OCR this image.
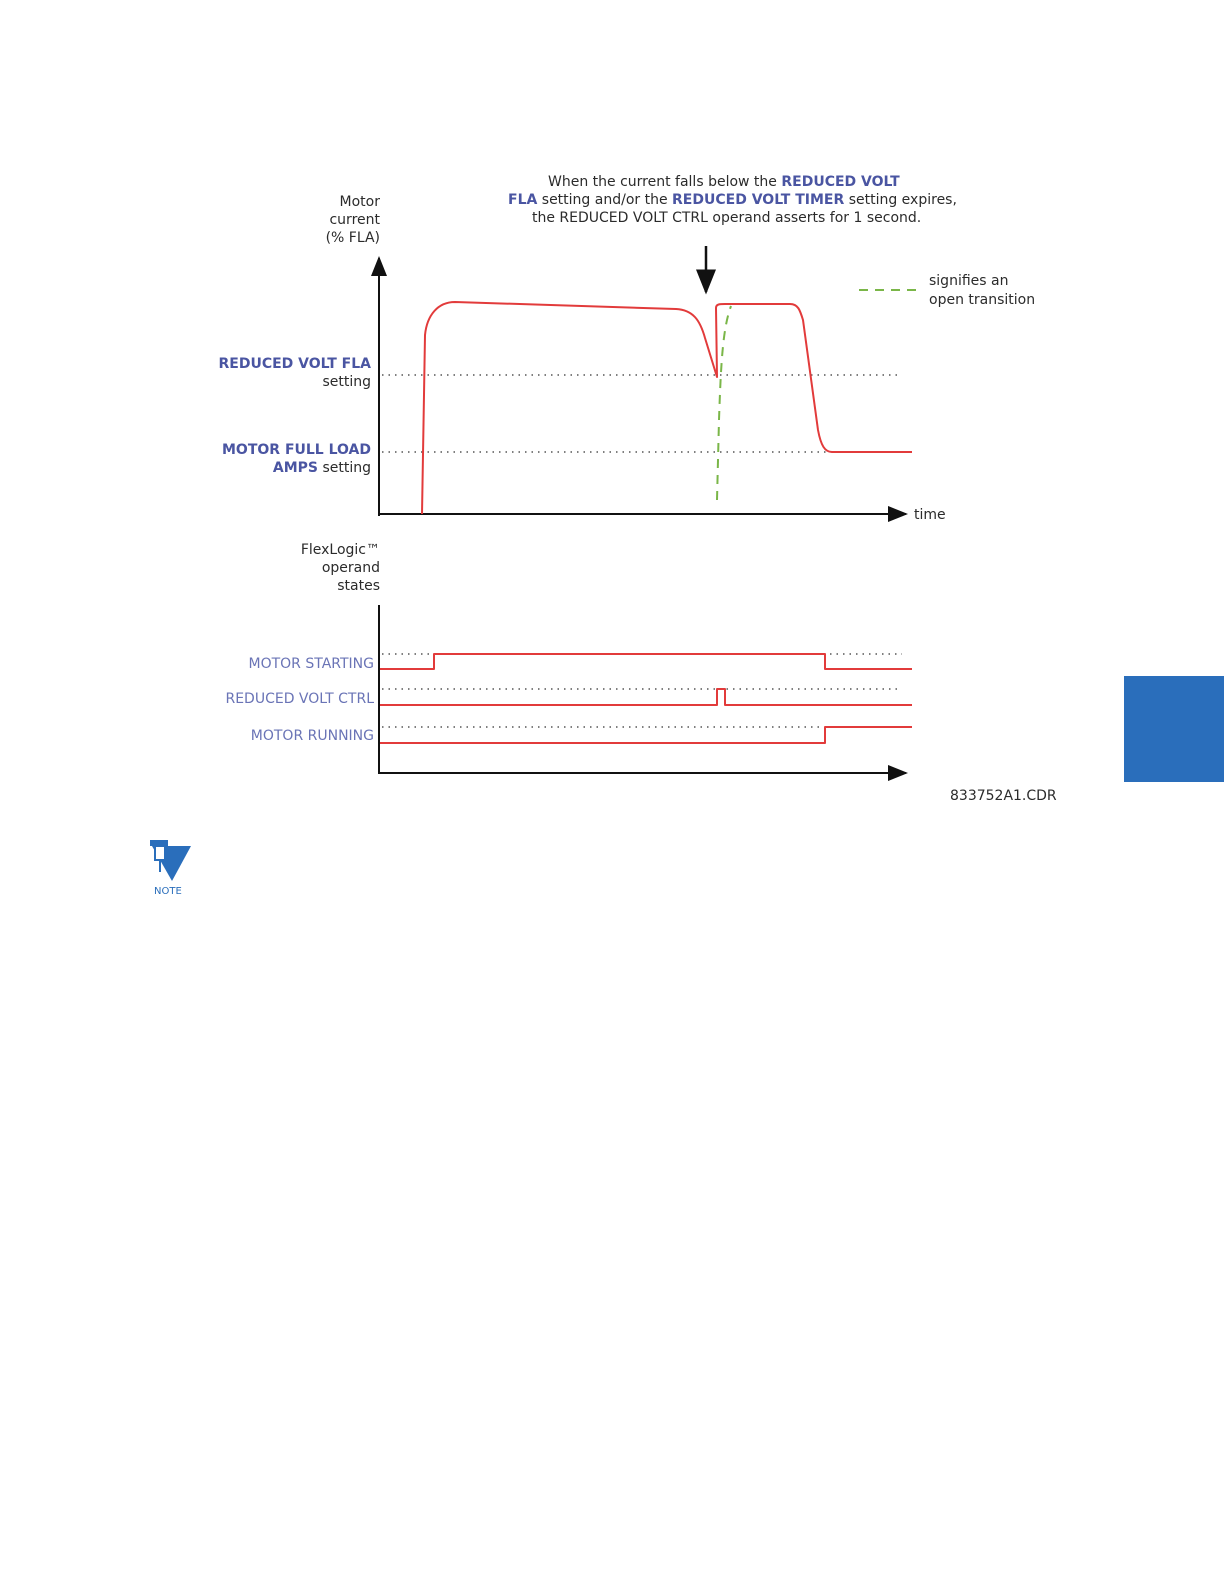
When the current falls below the REDUCED VOLT
FLA setting and/or the REDUCED VOLT TIMER setting expires,
the REDUCED VOLT CTRL operand asserts for 1 second.
Motor
current
(% FLA)
time
REDUCED VOLT FLA
setting
MOTOR FULL LOAD
AMPS setting
signifies an
open transition
FlexLogic™
operand
states
MOTOR STARTING
REDUCED VOLT CTRL
MOTOR RUNNING
833752A1.CDR
NOTE
